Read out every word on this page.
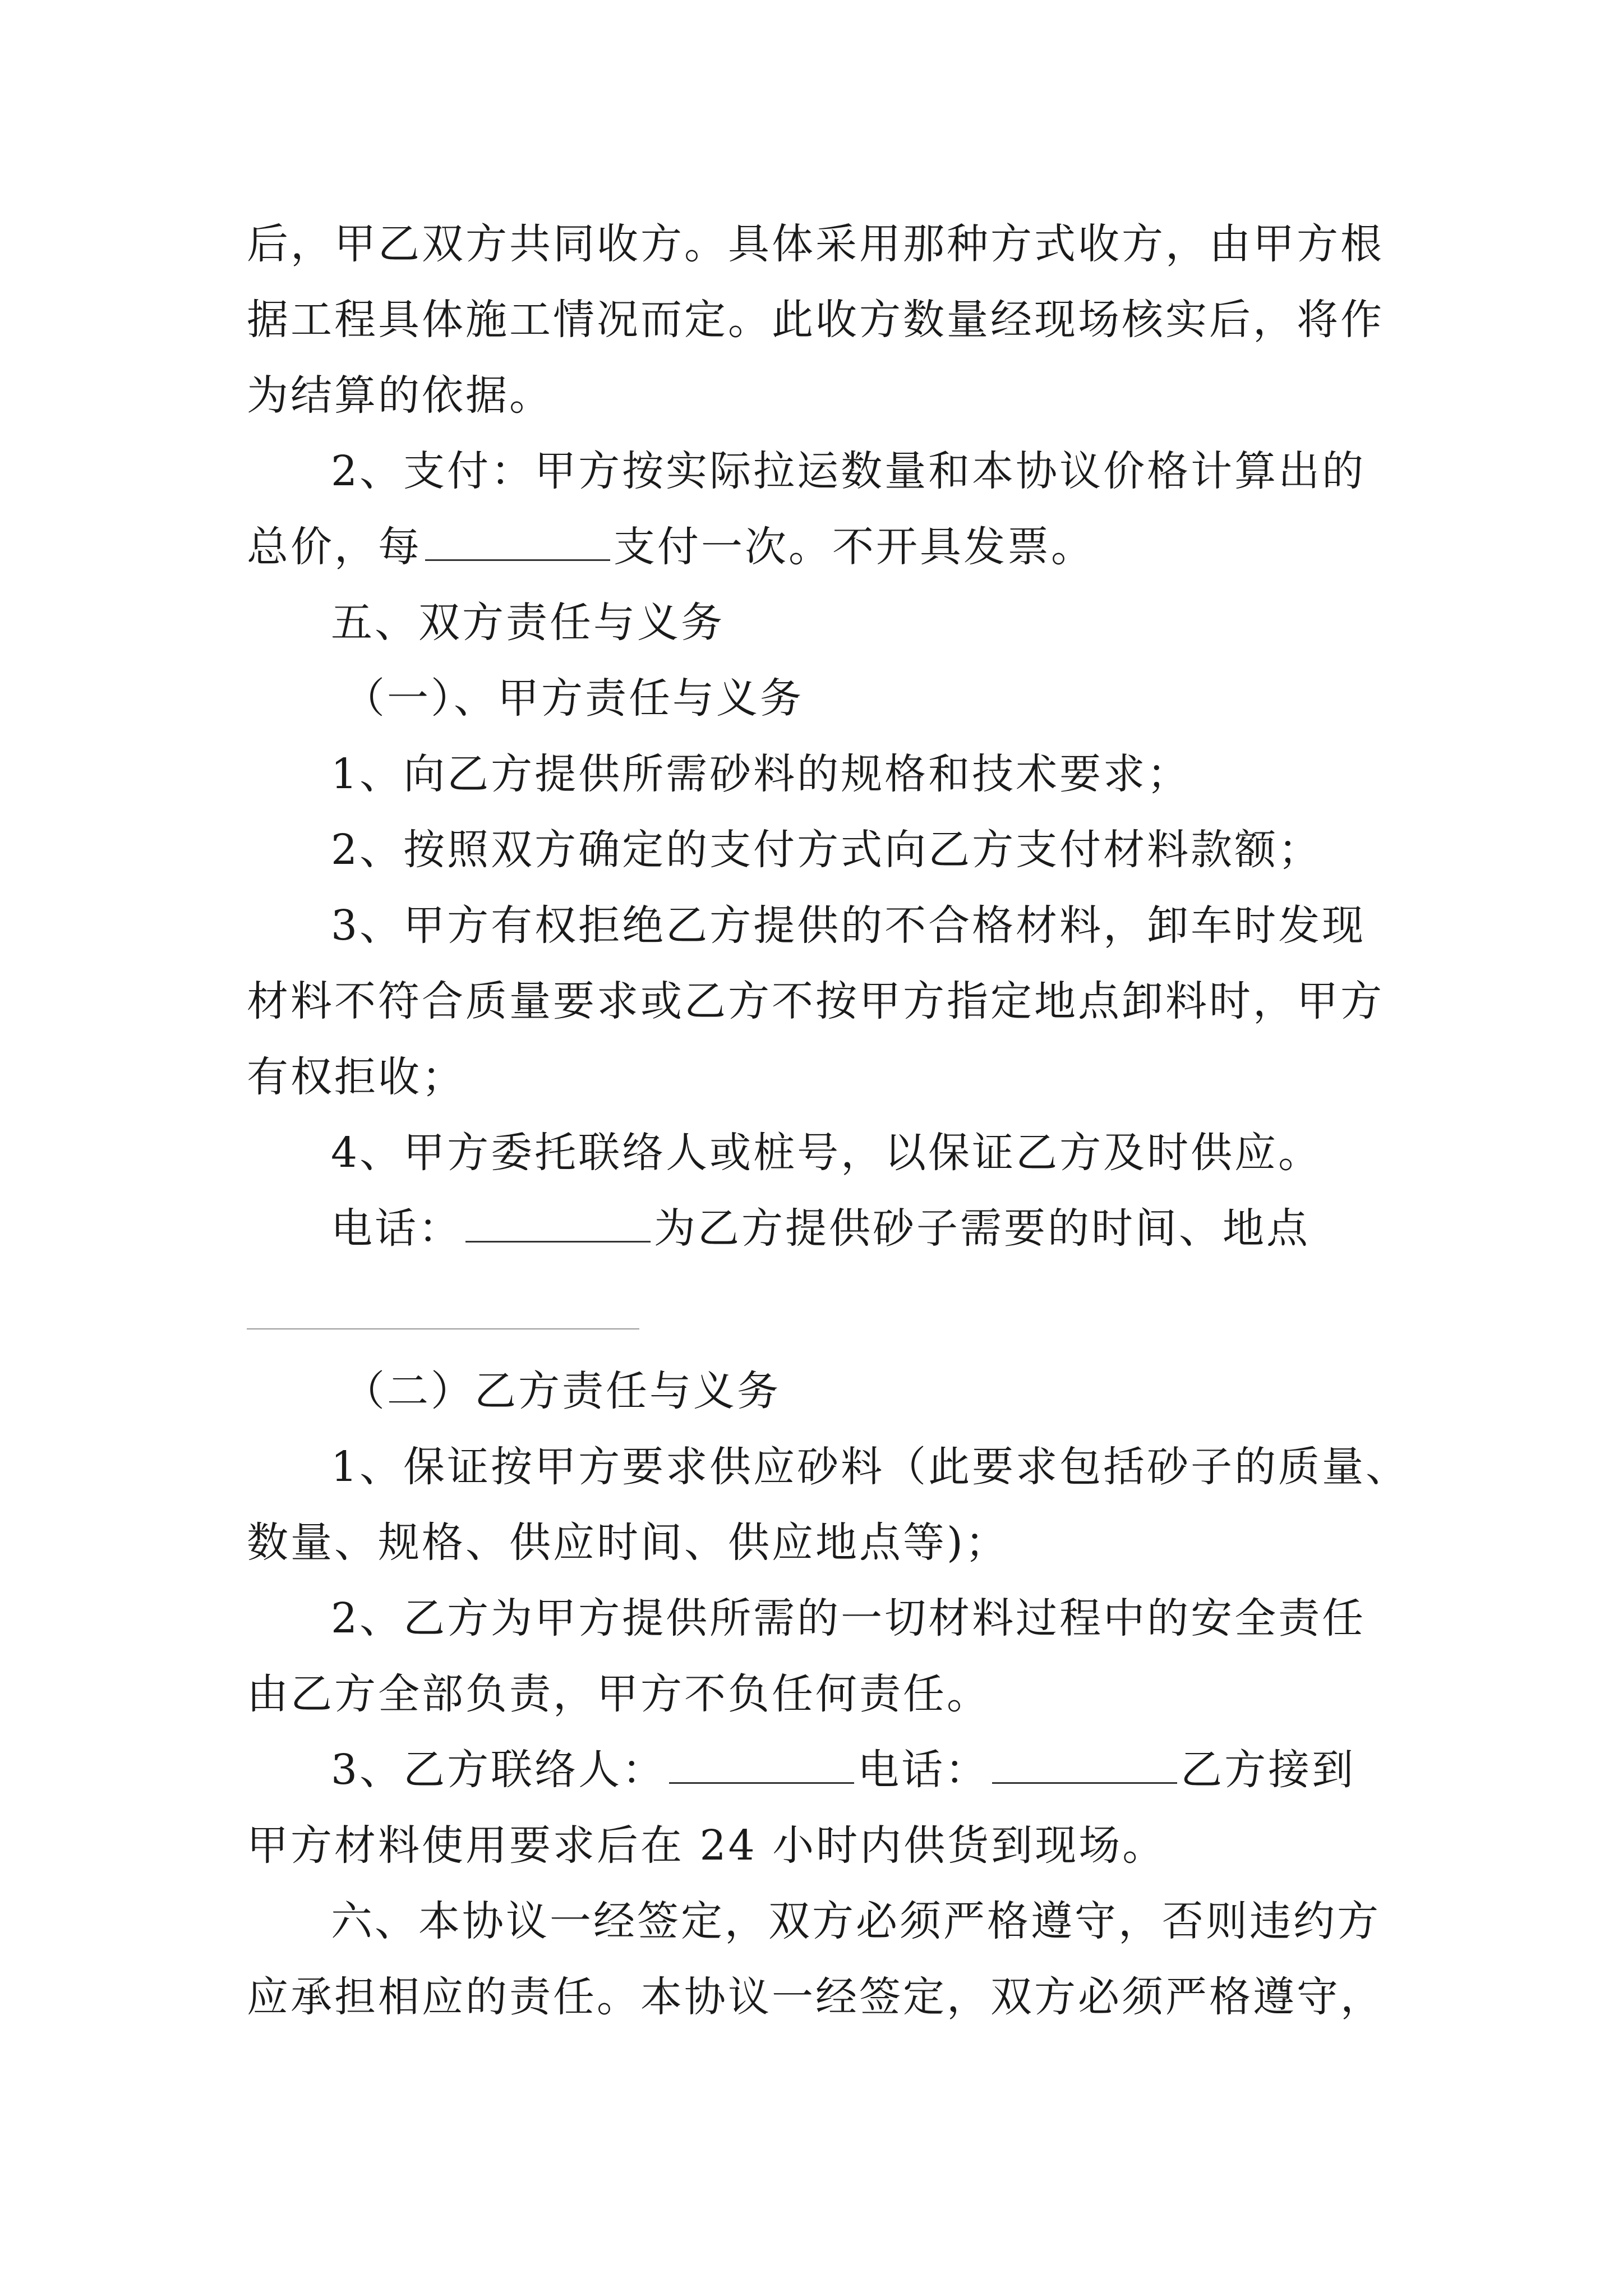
后，甲乙双方共同收方。具体采用那种方式收方，由甲方根
据工程具体施工情况而定。此收方数量经现场核实后，将作
为结算的依据。
2、支付：甲方按实际拉运数量和本协议价格计算出的
总价，每	支付一次。不开具发票。
五、双方责任与义务
（一）、甲方责任与义务
1、向乙方提供所需砂料的规格和技术要求；
2、按照双方确定的支付方式向乙方支付材料款额；
3、甲方有权拒绝乙方提供的不合格材料，卸车时发现
材料不符合质量要求或乙方不按甲方指定地点卸料时，甲方
有权拒收；
4、甲方委托联络人或桩号，以保证乙方及时供应。
电话：	为乙方提供砂子需要的时间、地点
（二）乙方责任与义务
1、保证按甲方要求供应砂料（此要求包括砂子的质量、
数量、规格、供应时间、供应地点等)；
2、乙方为甲方提供所需的一切材料过程中的安全责任
由乙方全部负责，甲方不负任何责任。
3、乙方联络人：	电话：	乙方接到
甲方材料使用要求后在 24 小时内供货到现场。
六、本协议一经签定，双方必须严格遵守，否则违约方
应承担相应的责任。本协议一经签定，双方必须严格遵守，
